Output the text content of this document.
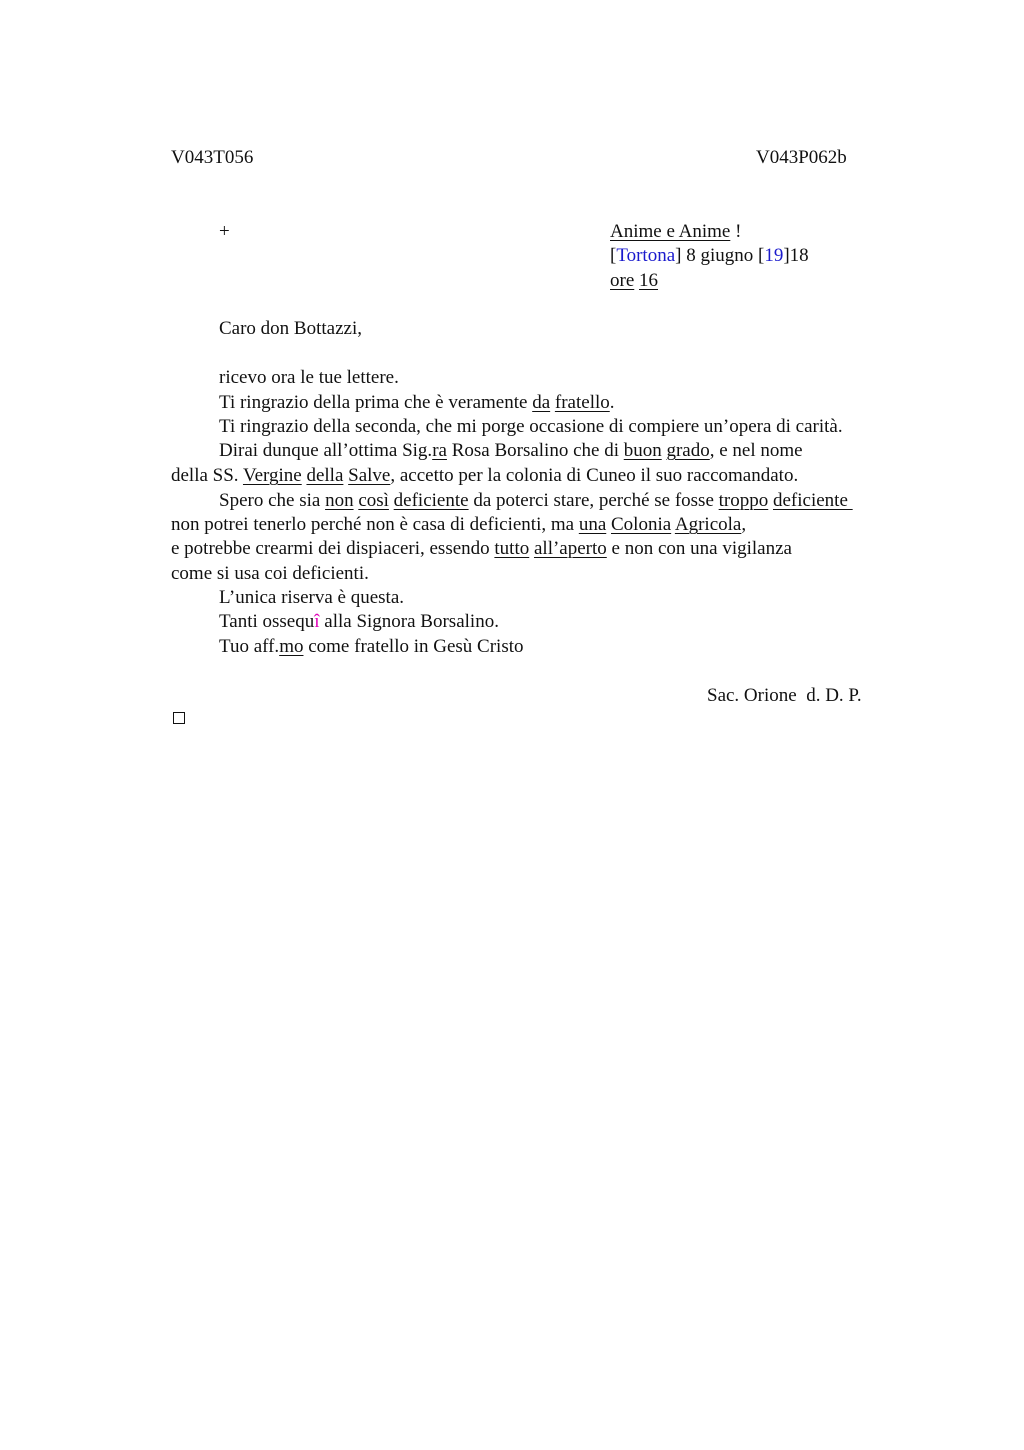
V043T056	V043P062b
+	Anime e Anime !
[Tortona] 8 giugno [19]18
ore 16
Caro don Bottazzi,
ricevo ora le tue lettere.
Ti ringrazio della prima che è veramente da fratello.
Ti ringrazio della seconda, che mi porge occasione di compiere un’opera di carità.
Dirai dunque all’ottima Sig.ra Rosa Borsalino che di buon grado, e nel nome
della SS. Vergine della Salve, accetto per la colonia di Cuneo il suo raccomandato.
Spero che sia non così deficiente da poterci stare, perché se fosse troppo deficiente
non potrei tenerlo perché non è casa di deficienti, ma una Colonia Agricola,
e potrebbe crearmi dei dispiaceri, essendo tutto all’aperto e non con una vigilanza
come si usa coi deficienti.
L’unica riserva è questa.
Tanti ossequî alla Signora Borsalino.
Tuo aff.mo come fratello in Gesù Cristo
Sac. Orione  d. D. P.
